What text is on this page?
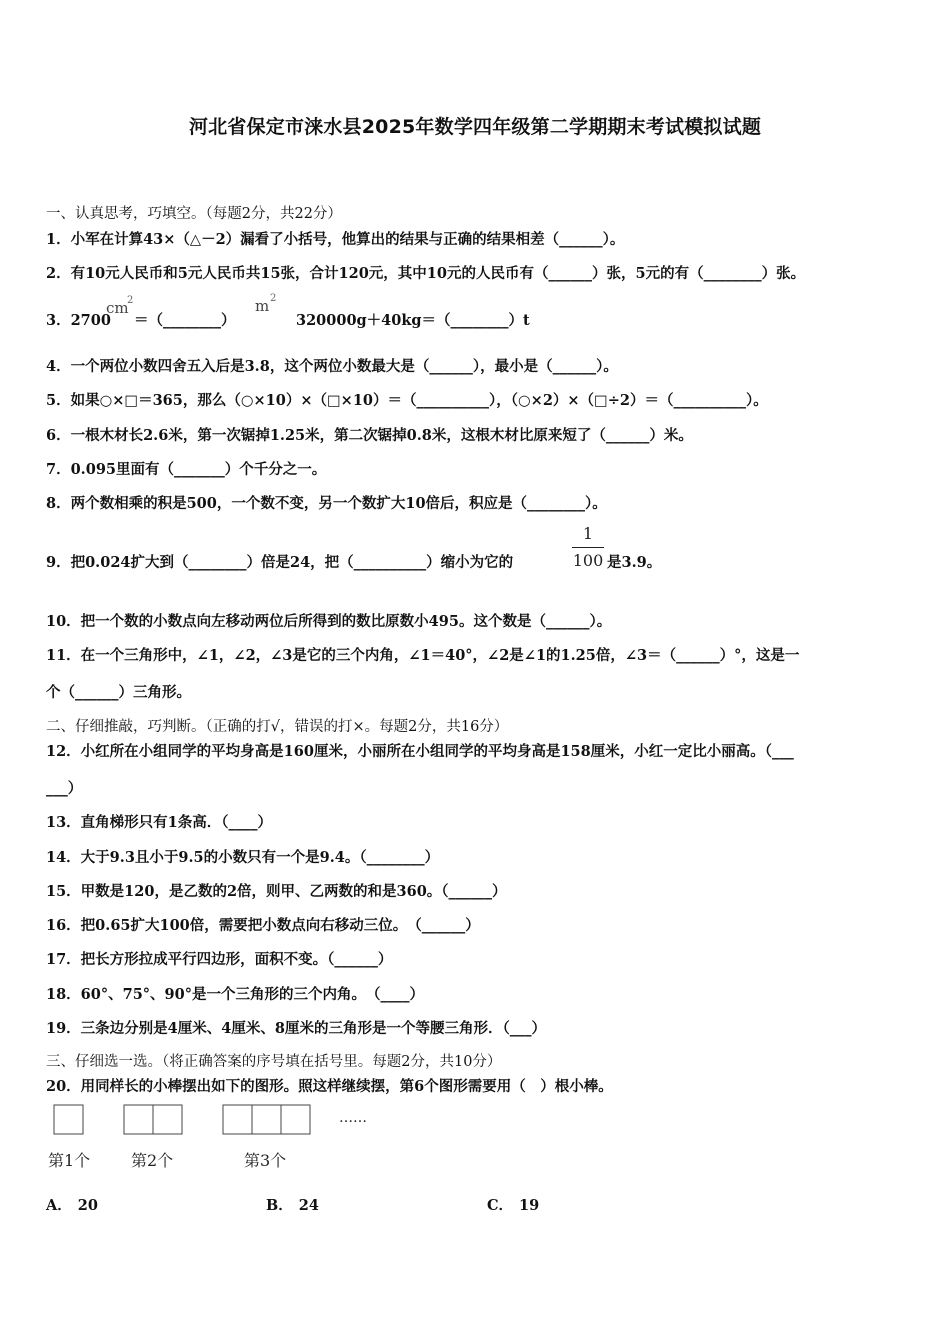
河北省保定市涞水县2025年数学四年级第二学期期末考试模拟试题
一、认真思考，巧填空。（每题2分，共22分）
1．小军在计算43×（△－2）漏看了小括号，他算出的结果与正确的结果相差（______）。
2．有10元人民币和5元人民币共15张，合计120元，其中10元的人民币有（______）张，5元的有（________）张。
3．2700
cm
2
＝（________）
m 2
320000g＋40kg＝（________）t
4．一个两位小数四舍五入后是3.8，这个两位小数最大是（______），最小是（______）。
5．如果○×□＝365，那么（○×10）×（□×10）＝（__________），（○×2）×（□÷2）＝（__________）。
6．一根木材长2.6米，第一次锯掉1.25米，第二次锯掉0.8米，这根木材比原来短了（______）米。
7．0.095里面有（_______）个千分之一。
8．两个数相乘的积是500，一个数不变，另一个数扩大10倍后，积应是（________）。
9．把0.024扩大到（________）倍是24，把（__________）缩小为它的
1
100 是3.9。
10．把一个数的小数点向左移动两位后所得到的数比原数小495。这个数是（______）。
11．在一个三角形中，∠1，∠2，∠3是它的三个内角，∠1＝40°，∠2是∠1的1.25倍，∠3＝（______）°，这是一
个（______）三角形。
二、仔细推敲，巧判断。（正确的打√，错误的打×。每题2分，共16分）
12．小红所在小组同学的平均身高是160厘米，小丽所在小组同学的平均身高是158厘米，小红一定比小丽高。（___
___）
13．直角梯形只有1条高．（____）
14．大于9.3且小于9.5的小数只有一个是9.4。（________）
15．甲数是120，是乙数的2倍，则甲、乙两数的和是360。（______）
16．把0.65扩大100倍，需要把小数点向右移动三位。　（______）
17．把长方形拉成平行四边形，面积不变。（______）
18．60°、75°、90°是一个三角形的三个内角。　（____）
19．三条边分别是4厘米、4厘米、8厘米的三角形是一个等腰三角形．（___）
三、仔细选一选。（将正确答案的序号填在括号里。每题2分，共10分）
20．用同样长的小棒摆出如下的图形。照这样继续摆，第6个图形需要用（　）根小棒。
……
第1个	第2个	第3个
A． 20	B． 24	C． 19
